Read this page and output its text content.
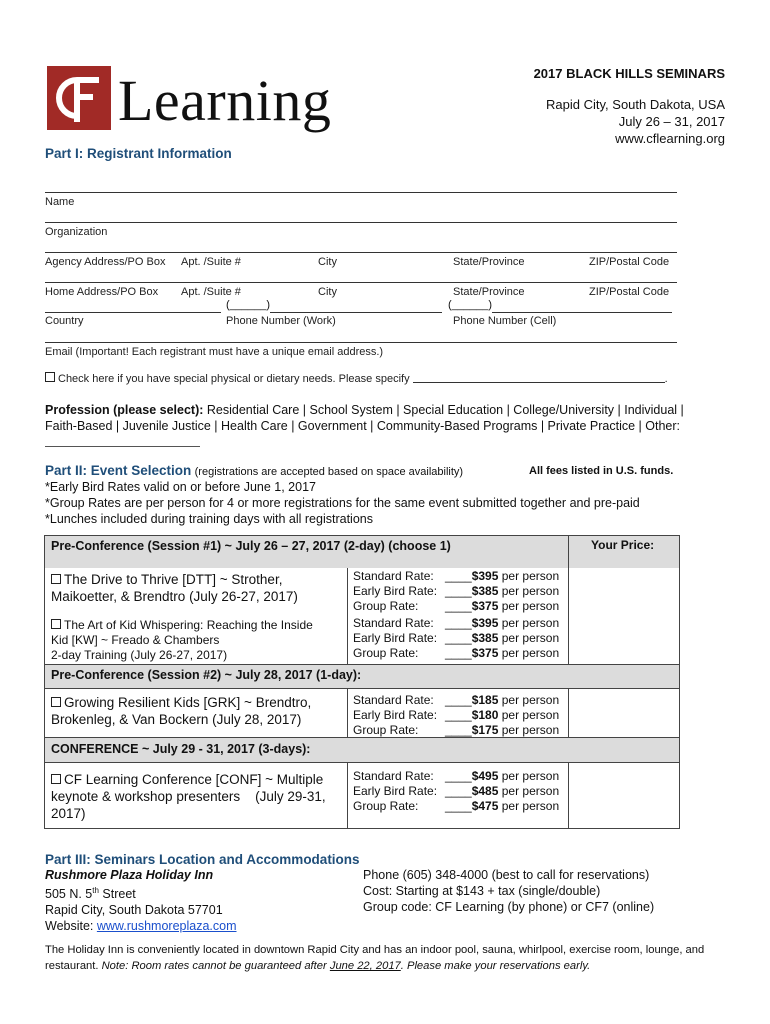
Learning	2017 BLACK HILLS SEMINARS
Rapid City, South Dakota, USA
July 26 – 31, 2017
www.cflearning.org
Part I: Registrant Information
Name
Organization
Agency Address/PO Box Apt. /Suite #	City	State/Province	ZIP/Postal Code
Home Address/PO Box Apt. /Suite #	City	State/Province	ZIP/Postal Code
(______)	(______)
Country	Phone Number (Work)	Phone Number (Cell)
Email (Important! Each registrant must have a unique email address.)
Check here if you have special physical or dietary needs. Please specify	.
Profession (please select): Residential Care | School System | Special Education | College/University | Individual |
Faith-Based | Juvenile Justice | Health Care | Government | Community-Based Programs | Private Practice | Other:

Part II: Event Selection (registrations are accepted based on space availability)	All fees listed in U.S. funds.
*Early Bird Rates valid on or before June 1, 2017
*Group Rates are per person for 4 or more registrations for the same event submitted together and pre-paid
*Lunches included during training days with all registrations
Your Price:
Pre-Conference (Session #1) ~ July 26 – 27, 2017 (2-day) (choose 1)
The Drive to Thrive [DTT] ~ Strother,
Maikoetter, & Brendtro (July 26-27, 2017)
Standard Rate: ____$395 per person
Early Bird Rate: ____$385 per person
Group Rate: ____$375 per person
The Art of Kid Whispering: Reaching the Inside
Kid [KW] ~ Freado & Chambers
2-day Training (July 26-27, 2017)
Standard Rate: ____$395 per person
Early Bird Rate: ____$385 per person
Group Rate: ____$375 per person
Pre-Conference (Session #2) ~ July 28, 2017 (1-day):
Growing Resilient Kids [GRK] ~ Brendtro,
Brokenleg, & Van Bockern (July 28, 2017)
Standard Rate: ____$185 per person
Early Bird Rate: ____$180 per person
Group Rate: ____$175 per person
CONFERENCE ~ July 29 - 31, 2017 (3-days):
CF Learning Conference [CONF] ~ Multiple
keynote & workshop presenters    (July 29-31,
2017)
Standard Rate: ____$495 per person
Early Bird Rate: ____$485 per person
Group Rate: ____$475 per person
Part III: Seminars Location and Accommodations
Rushmore Plaza Holiday Inn
505 N. 5th Street
Rapid City, South Dakota 57701
Website: www.rushmoreplaza.com
Phone (605) 348-4000 (best to call for reservations)
Cost: Starting at $143 + tax (single/double)
Group code: CF Learning (by phone) or CF7 (online)
The Holiday Inn is conveniently located in downtown Rapid City and has an indoor pool, sauna, whirlpool, exercise room, lounge, and
restaurant. Note: Room rates cannot be guaranteed after June 22, 2017. Please make your reservations early.
